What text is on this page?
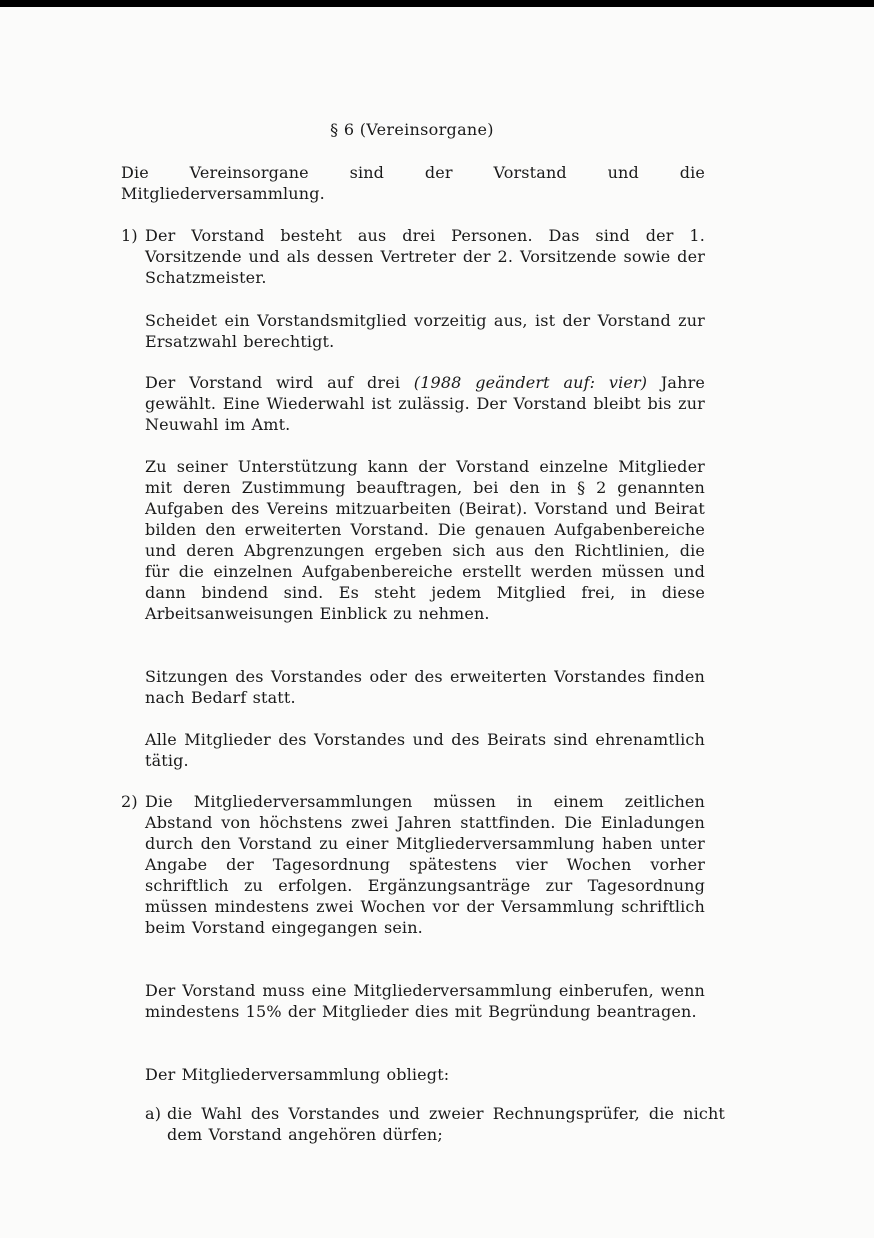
§ 6 (Vereinsorgane)
Die Vereinsorgane sind der Vorstand und die Mitgliederversammlung.
1) Der Vorstand besteht aus drei Personen. Das sind der 1. Vorsitzende und als dessen Vertreter der 2. Vorsitzende sowie der Schatzmeister.
Scheidet ein Vorstandsmitglied vorzeitig aus, ist der Vorstand zur Ersatzwahl berechtigt.
Der Vorstand wird auf drei (1988 geändert auf: vier) Jahre gewählt. Eine Wiederwahl ist zulässig. Der Vorstand bleibt bis zur Neuwahl im Amt.
Zu seiner Unterstützung kann der Vorstand einzelne Mitglieder mit deren Zustimmung beauftragen, bei den in § 2 genannten Aufgaben des Vereins mitzuarbeiten (Beirat). Vorstand und Beirat bilden den erweiterten Vorstand. Die genauen Aufgabenbereiche und deren Abgrenzungen ergeben sich aus den Richtlinien, die für die einzelnen Aufgabenbereiche erstellt werden müssen und dann bindend sind. Es steht jedem Mitglied frei, in diese Arbeitsanweisungen Einblick zu nehmen.
Sitzungen des Vorstandes oder des erweiterten Vorstandes finden nach Bedarf statt.
Alle Mitglieder des Vorstandes und des Beirats sind ehrenamtlich tätig.
2) Die Mitgliederversammlungen müssen in einem zeitlichen Abstand von höchstens zwei Jahren stattfinden. Die Einladungen durch den Vorstand zu einer Mitgliederversammlung haben unter Angabe der Tagesordnung spätestens vier Wochen vorher schriftlich zu erfolgen. Ergänzungsanträge zur Tagesordnung müssen mindestens zwei Wochen vor der Versammlung schriftlich beim Vorstand eingegangen sein.
Der Vorstand muss eine Mitgliederversammlung einberufen, wenn mindestens 15% der Mitglieder dies mit Begründung beantragen.
Der Mitgliederversammlung obliegt:
a) die Wahl des Vorstandes und zweier Rechnungsprüfer, die nicht dem Vorstand angehören dürfen;
